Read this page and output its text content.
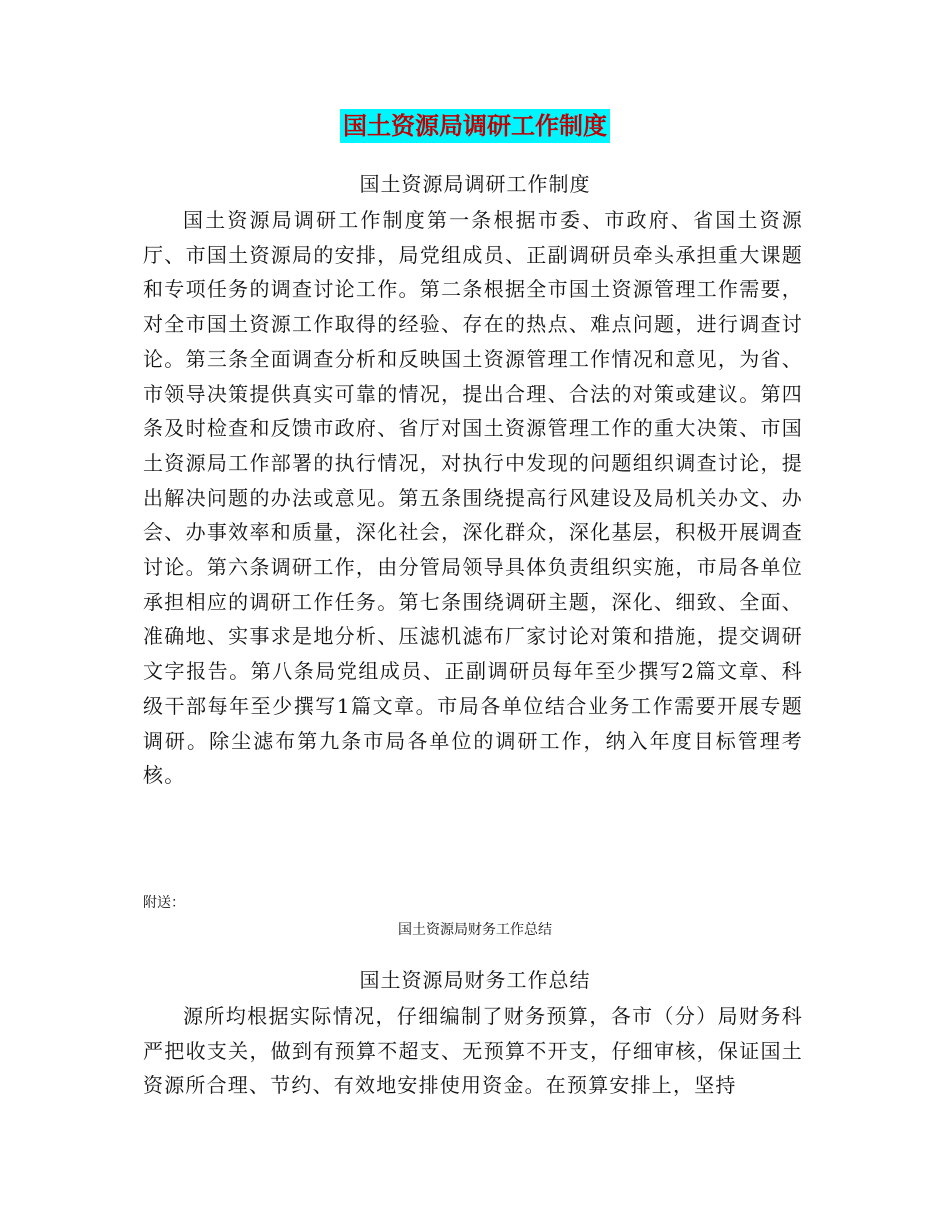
国土资源局调研工作制度
国土资源局调研工作制度

国土资源局调研工作制度第一条根据市委、市政府、省国土资源厅、市国土资源局的安排，局党组成员、正副调研员牵头承担重大课题和专项任务的调查讨论工作。第二条根据全市国土资源管理工作需要，对全市国土资源工作取得的经验、存在的热点、难点问题，进行调查讨论。第三条全面调查分析和反映国土资源管理工作情况和意见，为省、市领导决策提供真实可靠的情况，提出合理、合法的对策或建议。第四条及时检查和反馈市政府、省厅对国土资源管理工作的重大决策、市国土资源局工作部署的执行情况，对执行中发现的问题组织调查讨论，提出解决问题的办法或意见。第五条围绕提高行风建设及局机关办文、办会、办事效率和质量，深化社会，深化群众，深化基层，积极开展调查讨论。第六条调研工作，由分管局领导具体负责组织实施，市局各单位承担相应的调研工作任务。第七条围绕调研主题，深化、细致、全面、准确地、实事求是地分析、压滤机滤布厂家讨论对策和措施，提交调研文字报告。第八条局党组成员、正副调研员每年至少撰写2篇文章、科级干部每年至少撰写1篇文章。市局各单位结合业务工作需要开展专题调研。除尘滤布第九条市局各单位的调研工作，纳入年度目标管理考核。

附送：
国土资源局财务工作总结
国土资源局财务工作总结

源所均根据实际情况，仔细编制了财务预算，各市（分）局财务科严把收支关，做到有预算不超支、无预算不开支，仔细审核，保证国土资源所合理、节约、有效地安排使用资金。在预算安排上，坚持
